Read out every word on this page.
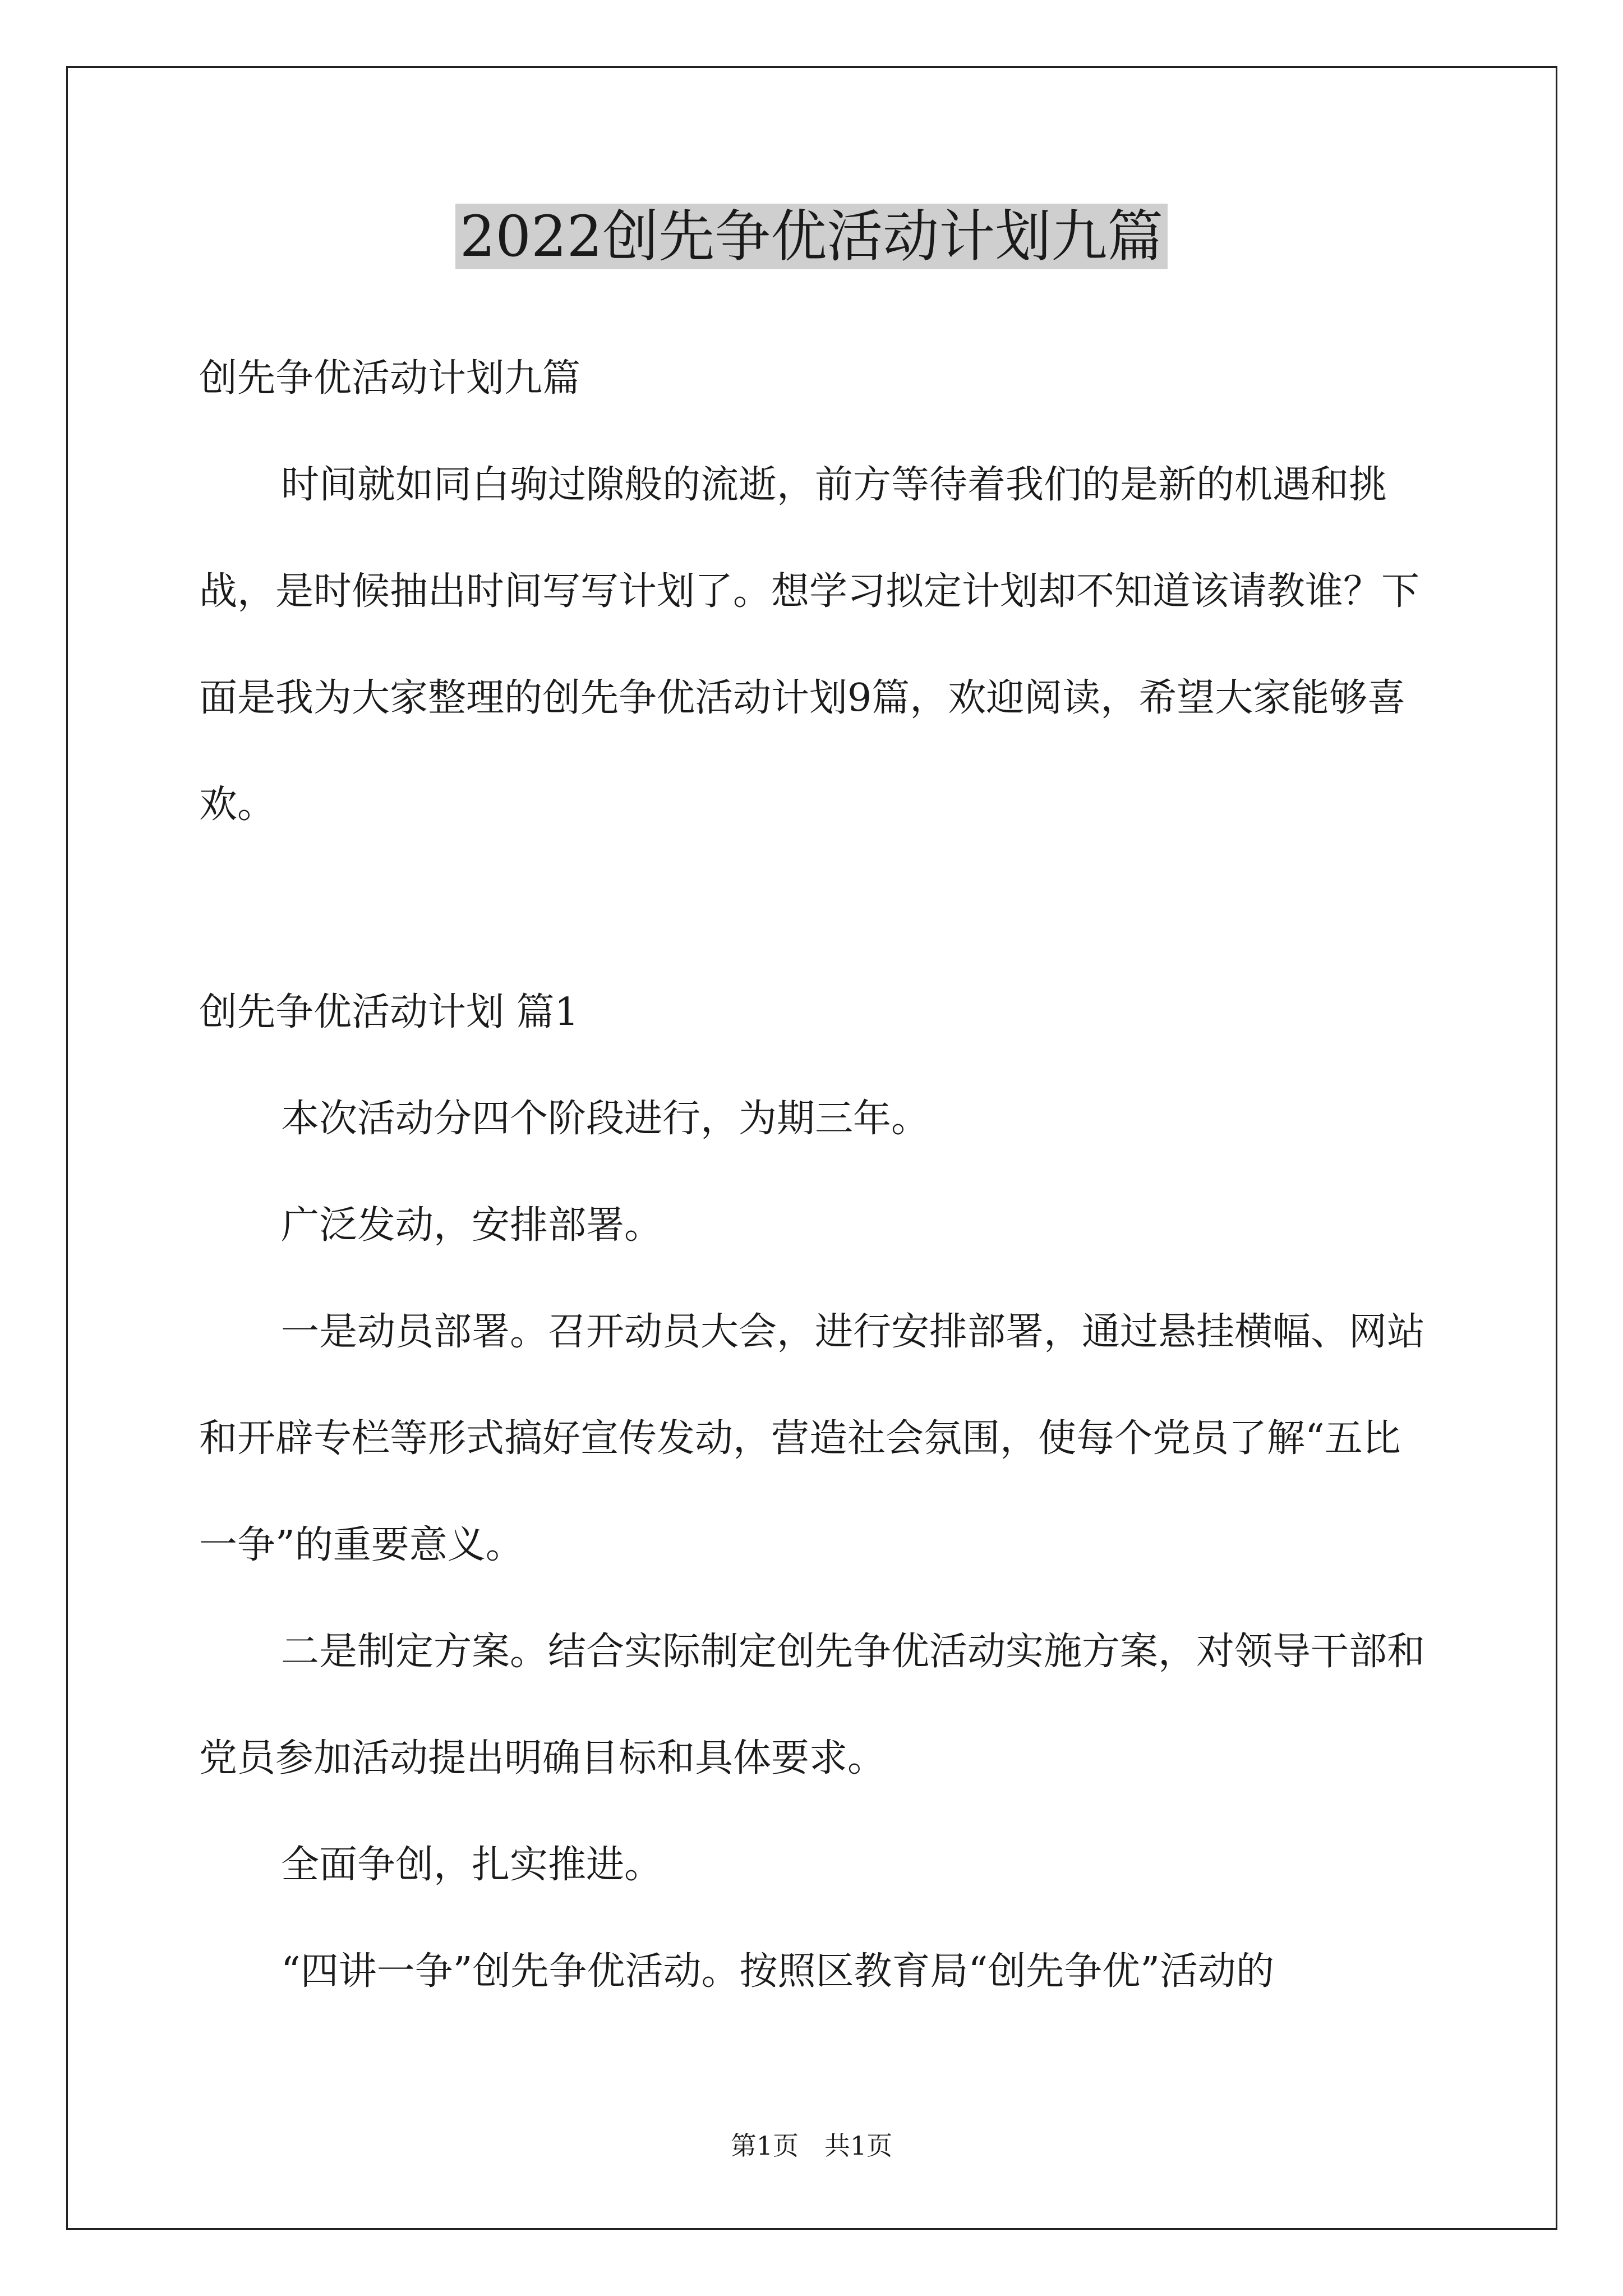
2022创先争优活动计划九篇

创先争优活动计划九篇

时间就如同白驹过隙般的流逝，前方等待着我们的是新的机遇和挑战，是时候抽出时间写写计划了。想学习拟定计划却不知道该请教谁？下面是我为大家整理的创先争优活动计划9篇，欢迎阅读，希望大家能够喜欢。

创先争优活动计划 篇1

本次活动分四个阶段进行，为期三年。

广泛发动，安排部署。

一是动员部署。召开动员大会，进行安排部署，通过悬挂横幅、网站和开辟专栏等形式搞好宣传发动，营造社会氛围，使每个党员了解“五比一争”的重要意义。

二是制定方案。结合实际制定创先争优活动实施方案，对领导干部和党员参加活动提出明确目标和具体要求。

全面争创，扎实推进。

“四讲一争”创先争优活动。按照区教育局“创先争优”活动的

第1页　共1页
